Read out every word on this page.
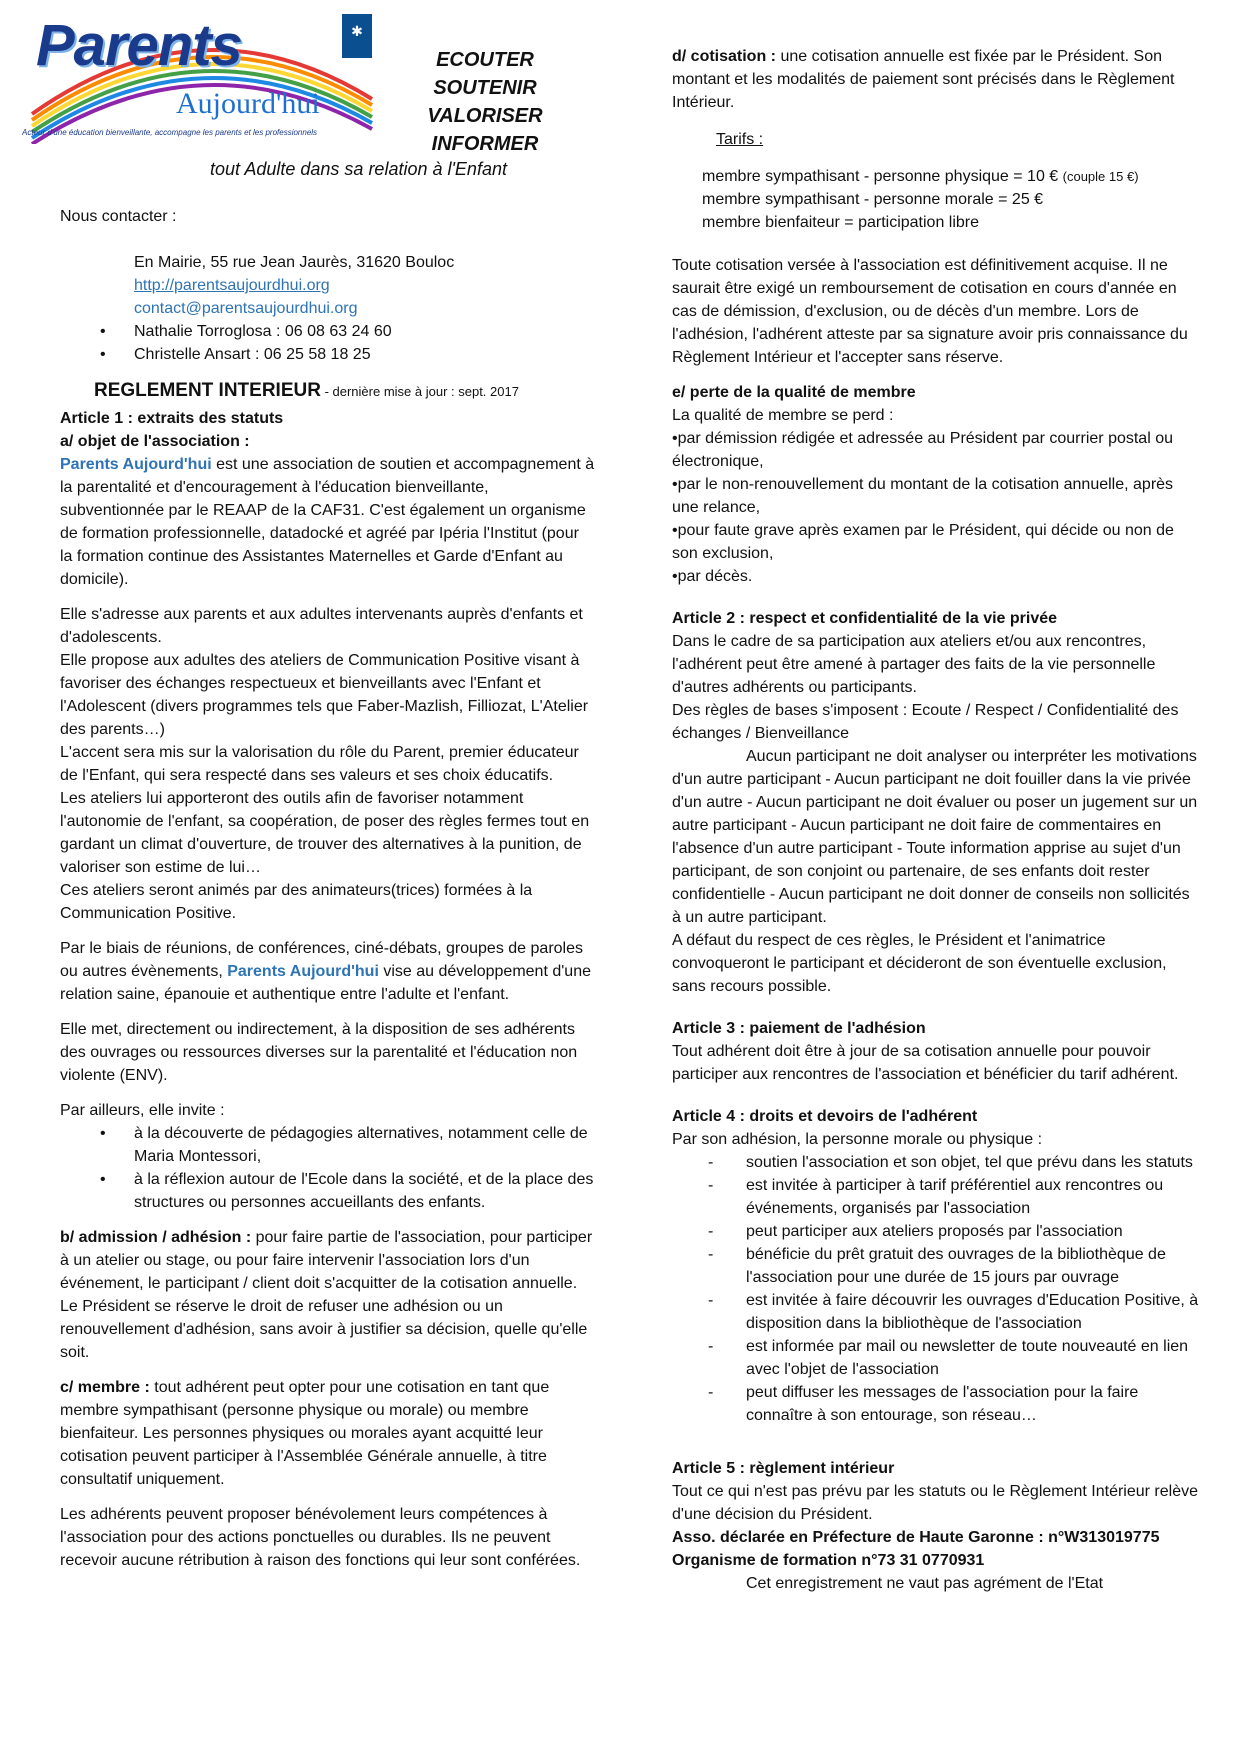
✱
Parents
Aujourd'hui
Acteur d'une éducation bienveillante, accompagne les parents et les professionnels
ECOUTER
SOUTENIR
VALORISER
INFORMER
tout Adulte dans sa relation à l'Enfant

Nous contacter :

En Mairie, 55 rue Jean Jaurès, 31620 Bouloc

http://parentsaujourdhui.org

contact@parentsaujourdhui.org

• Nathalie Torroglosa : 06 08 63 24 60

• Christelle Ansart : 06 25 58 18 25

REGLEMENT INTERIEUR - dernière mise à jour : sept. 2017

Article 1 : extraits des statuts

a/ objet de l'association :

Parents Aujourd'hui est une association de soutien et accompagnement à la parentalité et d'encouragement à l'éducation bienveillante, subventionnée par le REAAP de la CAF31. C'est également un organisme de formation professionnelle, datadocké et agréé par Ipéria l'Institut (pour la formation continue des Assistantes Maternelles et Garde d'Enfant au domicile).

Elle s'adresse aux parents et aux adultes intervenants auprès d'enfants et d'adolescents.

Elle propose aux adultes des ateliers de Communication Positive visant à favoriser des échanges respectueux et bienveillants avec l'Enfant et l'Adolescent (divers programmes tels que Faber-Mazlish, Filliozat, L'Atelier des parents…)

L'accent sera mis sur la valorisation du rôle du Parent, premier éducateur de l'Enfant, qui sera respecté dans ses valeurs et ses choix éducatifs.

Les ateliers lui apporteront des outils afin de favoriser notamment l'autonomie de l'enfant, sa coopération, de poser des règles fermes tout en gardant un climat d'ouverture, de trouver des alternatives à la punition, de valoriser son estime de lui…

Ces ateliers seront animés par des animateurs(trices) formées à la Communication Positive.

Par le biais de réunions, de conférences, ciné-débats, groupes de paroles ou autres évènements, Parents Aujourd'hui vise au développement d'une relation saine, épanouie et authentique entre l'adulte et l'enfant.

Elle met, directement ou indirectement, à la disposition de ses adhérents des ouvrages ou ressources diverses sur la parentalité et l'éducation non violente (ENV).

Par ailleurs, elle invite :

• à la découverte de pédagogies alternatives, notamment celle de Maria Montessori,

• à la réflexion autour de l'Ecole dans la société, et de la place des structures ou personnes accueillants des enfants.

b/ admission / adhésion : pour faire partie de l'association, pour participer à un atelier ou stage, ou pour faire intervenir l'association lors d'un événement, le participant / client doit s'acquitter de la cotisation annuelle. Le Président se réserve le droit de refuser une adhésion ou un renouvellement d'adhésion, sans avoir à justifier sa décision, quelle qu'elle soit.

c/ membre : tout adhérent peut opter pour une cotisation en tant que membre sympathisant (personne physique ou morale) ou membre bienfaiteur. Les personnes physiques ou morales ayant acquitté leur cotisation peuvent participer à l'Assemblée Générale annuelle, à titre consultatif uniquement.

Les adhérents peuvent proposer bénévolement leurs compétences à l'association pour des actions ponctuelles ou durables. Ils ne peuvent recevoir aucune rétribution à raison des fonctions qui leur sont conférées.

d/ cotisation : une cotisation annuelle est fixée par le Président. Son montant et les modalités de paiement sont précisés dans le Règlement Intérieur.

Tarifs :

membre sympathisant - personne physique = 10 € (couple 15 €)

membre sympathisant - personne morale = 25 €

membre bienfaiteur = participation libre

Toute cotisation versée à l'association est définitivement acquise. Il ne saurait être exigé un remboursement de cotisation en cours d'année en cas de démission, d'exclusion, ou de décès d'un membre. Lors de l'adhésion, l'adhérent atteste par sa signature avoir pris connaissance du Règlement Intérieur et l'accepter sans réserve.

e/ perte de la qualité de membre

La qualité de membre se perd :

•par démission rédigée et adressée au Président par courrier postal ou électronique,

•par le non-renouvellement du montant de la cotisation annuelle, après une relance,

•pour faute grave après examen par le Président, qui décide ou non de son exclusion,

•par décès.

Article 2 : respect et confidentialité de la vie privée

Dans le cadre de sa participation aux ateliers et/ou aux rencontres, l'adhérent peut être amené à partager des faits de la vie personnelle d'autres adhérents ou participants.

Des règles de bases s'imposent : Ecoute / Respect / Confidentialité des échanges / Bienveillance

Aucun participant ne doit analyser ou interpréter les motivations d'un autre participant - Aucun participant ne doit fouiller dans la vie privée d'un autre - Aucun participant ne doit évaluer ou poser un jugement sur un autre participant - Aucun participant ne doit faire de commentaires en l'absence d'un autre participant - Toute information apprise au sujet d'un participant, de son conjoint ou partenaire, de ses enfants doit rester confidentielle - Aucun participant ne doit donner de conseils non sollicités à un autre participant.

A défaut du respect de ces règles, le Président et l'animatrice convoqueront le participant et décideront de son éventuelle exclusion, sans recours possible.

Article 3 : paiement de l'adhésion

Tout adhérent doit être à jour de sa cotisation annuelle pour pouvoir participer aux rencontres de l'association et bénéficier du tarif adhérent.

Article 4 : droits et devoirs de l'adhérent

Par son adhésion, la personne morale ou physique :

- soutien l'association et son objet, tel que prévu dans les statuts

- est invitée à participer à tarif préférentiel aux rencontres ou événements, organisés par l'association

- peut participer aux ateliers proposés par l'association

- bénéficie du prêt gratuit des ouvrages de la bibliothèque de l'association pour une durée de 15 jours par ouvrage

- est invitée à faire découvrir les ouvrages d'Education Positive, à disposition dans la bibliothèque de l'association

- est informée par mail ou newsletter de toute nouveauté en lien avec l'objet de l'association

- peut diffuser les messages de l'association pour la faire connaître à son entourage, son réseau…

Article 5 : règlement intérieur

Tout ce qui n'est pas prévu par les statuts ou le Règlement Intérieur relève d'une décision du Président.

Asso. déclarée en Préfecture de Haute Garonne : n°W313019775

Organisme de formation n°73 31 0770931

Cet enregistrement ne vaut pas agrément de l'Etat
